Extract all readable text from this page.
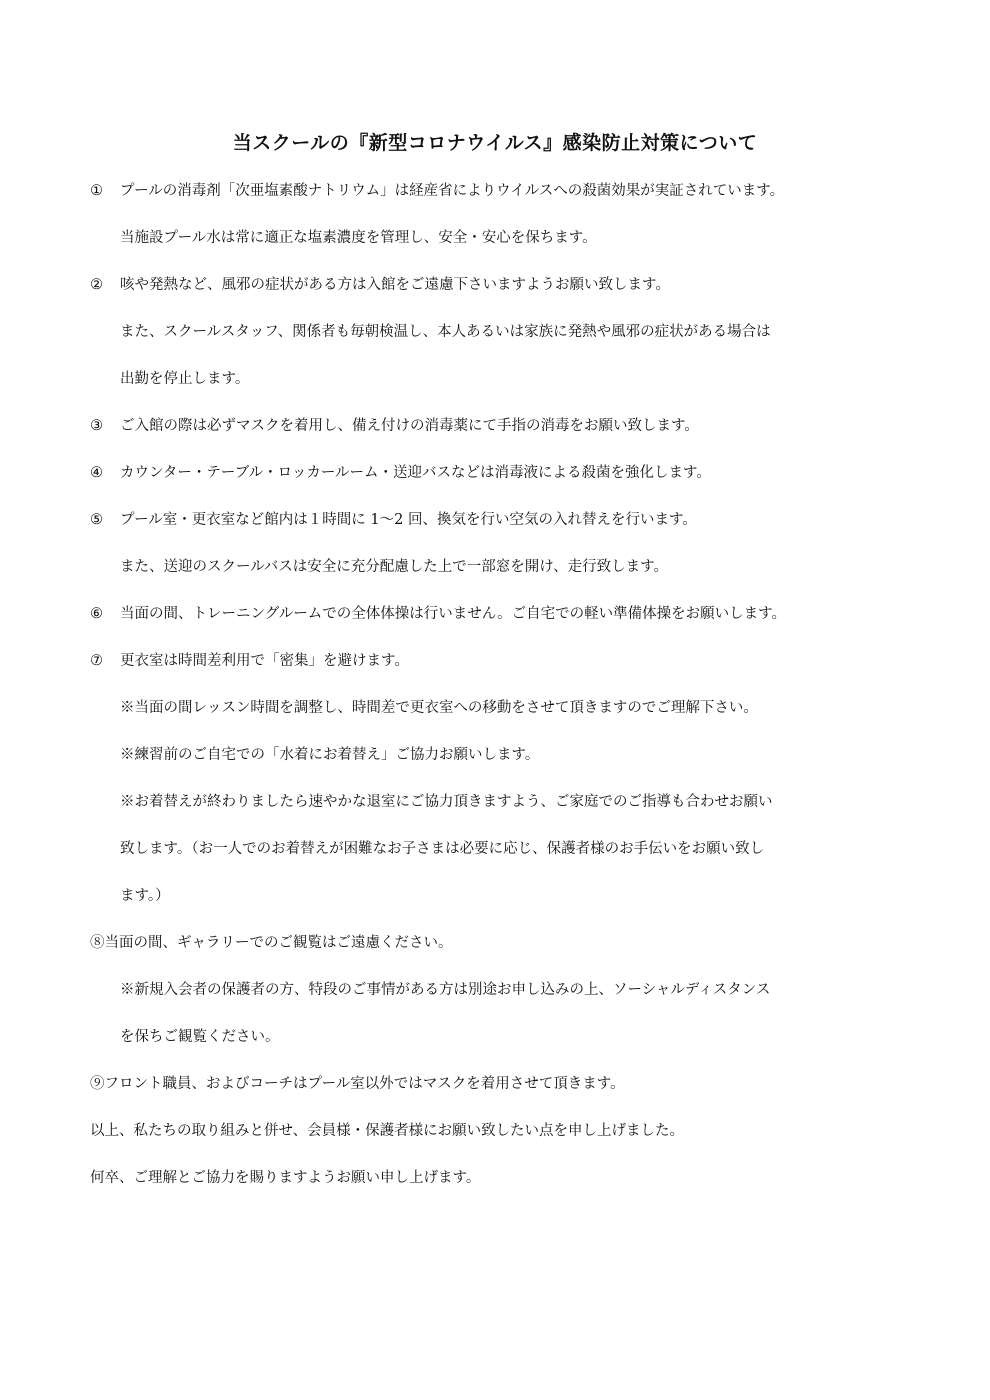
当スクールの『新型コロナウイルス』感染防止対策について
① プールの消毒剤「次亜塩素酸ナトリウム」は経産省によりウイルスへの殺菌効果が実証されています。
当施設プール水は常に適正な塩素濃度を管理し、安全・安心を保ちます。
② 咳や発熱など、風邪の症状がある方は入館をご遠慮下さいますようお願い致します。
また、スクールスタッフ、関係者も毎朝検温し、本人あるいは家族に発熱や風邪の症状がある場合は
出勤を停止します。
③ ご入館の際は必ずマスクを着用し、備え付けの消毒薬にて手指の消毒をお願い致します。
④ カウンター・テーブル・ロッカールーム・送迎バスなどは消毒液による殺菌を強化します。
⑤ プール室・更衣室など館内は１時間に 1〜2 回、換気を行い空気の入れ替えを行います。
また、送迎のスクールバスは安全に充分配慮した上で一部窓を開け、走行致します。
⑥ 当面の間、トレーニングルームでの全体体操は行いません。ご自宅での軽い準備体操をお願いします。
⑦ 更衣室は時間差利用で「密集」を避けます。
※当面の間レッスン時間を調整し、時間差で更衣室への移動をさせて頂きますのでご理解下さい。
※練習前のご自宅での「水着にお着替え」ご協力お願いします。
※お着替えが終わりましたら速やかな退室にご協力頂きますよう、ご家庭でのご指導も合わせお願い
致します。（お一人でのお着替えが困難なお子さまは必要に応じ、保護者様のお手伝いをお願い致し
ます。）
⑧当面の間、ギャラリーでのご観覧はご遠慮ください。
※新規入会者の保護者の方、特段のご事情がある方は別途お申し込みの上、ソーシャルディスタンス
を保ちご観覧ください。
⑨フロント職員、およびコーチはプール室以外ではマスクを着用させて頂きます。
以上、私たちの取り組みと併せ、会員様・保護者様にお願い致したい点を申し上げました。
何卒、ご理解とご協力を賜りますようお願い申し上げます。
